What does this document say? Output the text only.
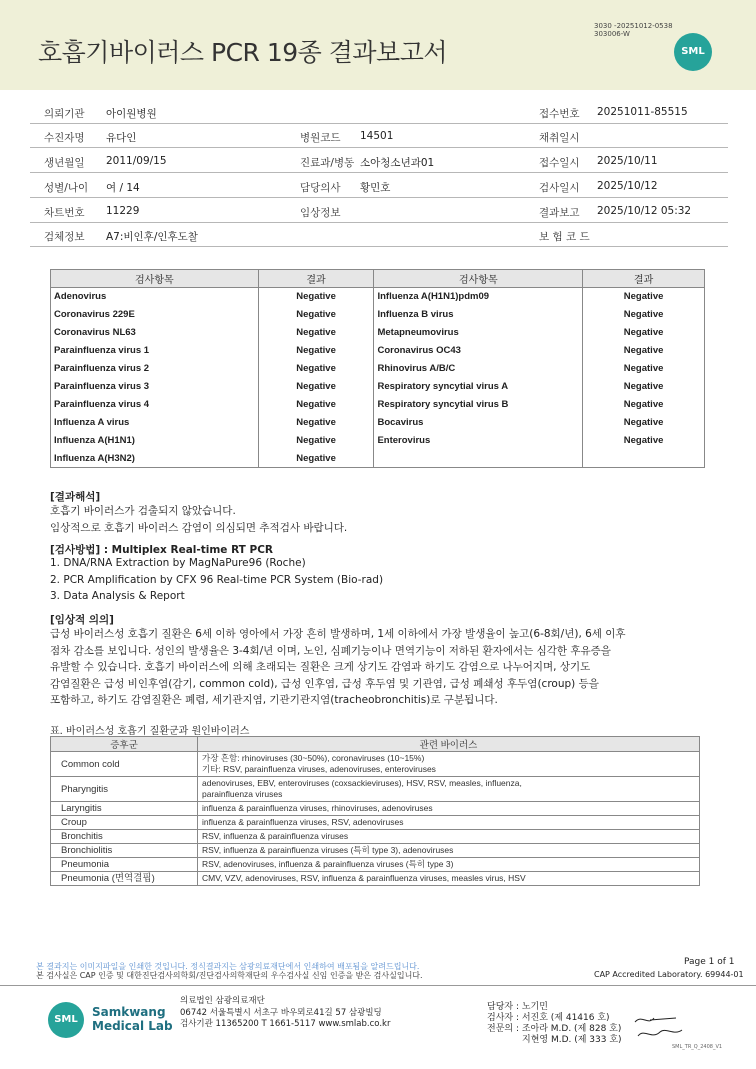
호흡기바이러스 PCR 19종 결과보고서
3030 -20251012-0538
303006-W
SML
의뢰기관 아이원병원	접수번호 20251011-85515
수진자명 유다인	병원코드 14501	채취일시
생년월일 2011/09/15	진료과/병동 소아청소년과01	접수일시 2025/10/11
성별/나이 여 / 14	담당의사 황민호	검사일시 2025/10/12
차트번호 11229	임상정보	결과보고 2025/10/12 05:32
검체정보 A7:비인후/인후도찰	보 험 코 드
검사항목	결과	검사항목	결과
Adenovirus	Negative	Influenza A(H1N1)pdm09	Negative
Coronavirus 229E	Negative	Influenza B virus	Negative
Coronavirus NL63	Negative	Metapneumovirus	Negative
Parainfluenza virus 1	Negative	Coronavirus OC43	Negative
Parainfluenza virus 2	Negative	Rhinovirus A/B/C	Negative
Parainfluenza virus 3	Negative	Respiratory syncytial virus A	Negative
Parainfluenza virus 4	Negative	Respiratory syncytial virus B	Negative
Influenza A virus	Negative	Bocavirus	Negative
Influenza A(H1N1)	Negative	Enterovirus	Negative
Influenza A(H3N2)	Negative		
[결과해석]
호흡기 바이러스가 검출되지 않았습니다.
임상적으로 호흡기 바이러스 감염이 의심되면 추적검사 바랍니다.
[검사방법] : Multiplex Real-time RT PCR
1. DNA/RNA Extraction by MagNaPure96 (Roche)
2. PCR Amplification by CFX 96 Real-time PCR System (Bio-rad)
3. Data Analysis & Report
[임상적 의의]
급성 바이러스성 호흡기 질환은 6세 이하 영아에서 가장 흔히 발생하며, 1세 이하에서 가장 발생율이 높고(6-8회/년), 6세 이후
점차 감소를 보입니다. 성인의 발생율은 3-4회/년 이며, 노인, 심폐기능이나 면역기능이 저하된 환자에서는 심각한 후유증을
유발할 수 있습니다. 호흡기 바이러스에 의해 초래되는 질환은 크게 상기도 감염과 하기도 감염으로 나누어지며, 상기도
감염질환은 급성 비인후염(감기, common cold), 급성 인후염, 급성 후두염 및 기관염, 급성 폐쇄성 후두염(croup) 등을
포함하고, 하기도 감염질환은 폐렴, 세기관지염, 기관기관지염(tracheobronchitis)로 구분됩니다.
표. 바이러스성 호흡기 질환군과 원인바이러스
증후군	관련 바이러스
Common cold	가장 흔함: rhinoviruses (30~50%), coronaviruses (10~15%)
기타: RSV, parainfluenza viruses, adenoviruses, enteroviruses

Pharyngitis	adenoviruses, EBV, enteroviruses (coxsackieviruses), HSV, RSV, measles, influenza,
parainfluenza viruses

Laryngitis	influenza & parainfluenza viruses, rhinoviruses, adenoviruses

Croup	influenza & parainfluenza viruses, RSV, adenoviruses

Bronchitis	RSV, influenza & parainfluenza viruses

Bronchiolitis	RSV, influenza & parainfluenza viruses (특히 type 3), adenoviruses

Pneumonia	RSV, adenoviruses, influenza & parainfluenza viruses (특히 type 3)

Pneumonia (면역결핍)	CMV, VZV, adenoviruses, RSV, influenza & parainfluenza viruses, measles virus, HSV
본 결과지는 이미지파일을 인쇄한 것입니다. 정식결과지는 삼광의료재단에서 인쇄하여 배포됨을 알려드립니다.
본 검사실은 CAP 인증 및 대한진단검사의학회/진단검사의학재단의 우수검사실 신임 인증을 받은 검사실입니다.
Page 1 of 1
CAP Accredited Laboratory. 69944-01
SML
Samkwang
Medical Lab
의료법인 삼광의료재단
06742 서울특별시 서초구 바우뫼로41길 57 삼광빌딩
검사기관 11365200 T 1661-5117 www.smlab.co.kr
담당자 : 노기민
검사자 : 서진호 (제 41416 호)
전문의 : 조아라 M.D. (제 828 호)
지현영 M.D. (제 333 호)
SML_TR_Q_2408_V1
